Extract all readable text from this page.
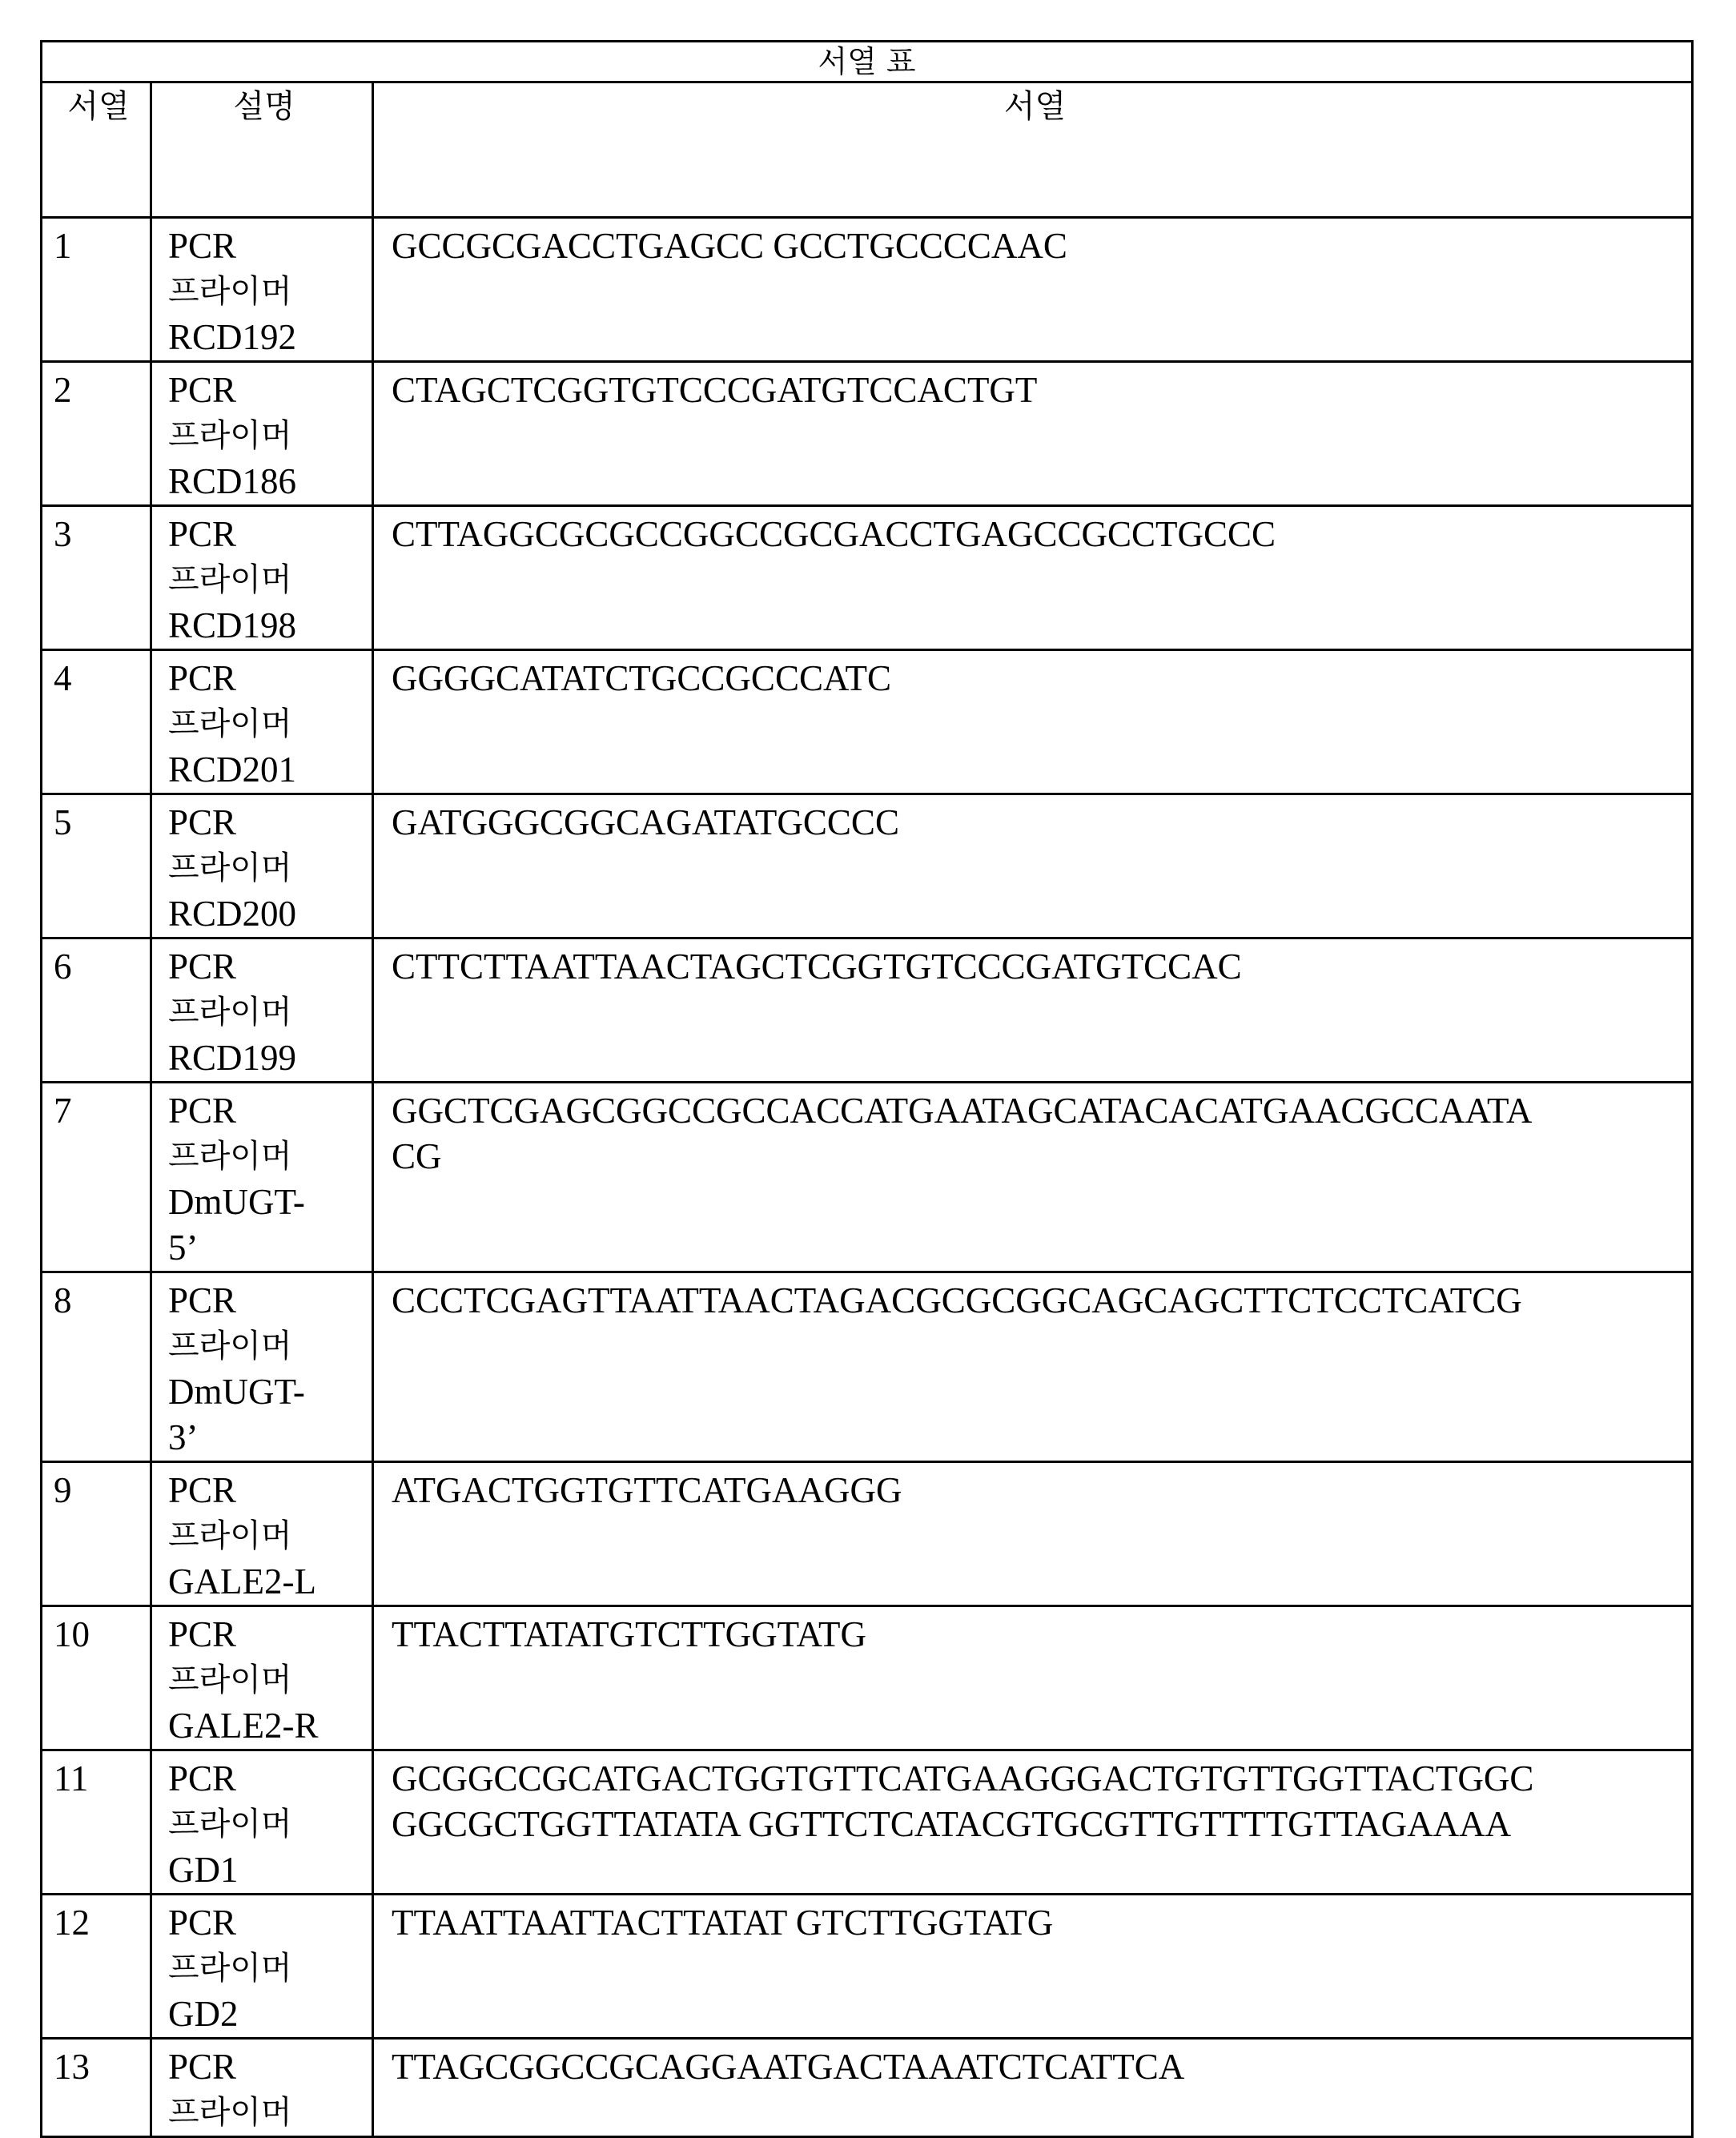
서열 표
서열	설명	서열
1	PCR
프라이머
RCD192

GCCGCGACCTGAGCC GCCTGCCCCAAC

2	PCR
프라이머
RCD186

CTAGCTCGGTGTCCCGATGTCCACTGT

3	PCR
프라이머
RCD198

CTTAGGCGCGCCGGCCGCGACCTGAGCCGCCTGCCC

4	PCR
프라이머
RCD201

GGGGCATATCTGCCGCCCATC

5	PCR
프라이머
RCD200

GATGGGCGGCAGATATGCCCC

6	PCR
프라이머
RCD199

CTTCTTAATTAACTAGCTCGGTGTCCCGATGTCCAC

7	PCR
프라이머
DmUGT-
5’

GGCTCGAGCGGCCGCCACCATGAATAGCATACACATGAACGCCAATA
CG

8	PCR
프라이머
DmUGT-
3’

CCCTCGAGTTAATTAACTAGACGCGCGGCAGCAGCTTCTCCTCATCG

9	PCR
프라이머
GALE2-L

ATGACTGGTGTTCATGAAGGG

10	PCR
프라이머
GALE2-R

TTACTTATATGTCTTGGTATG

11	PCR
프라이머
GD1

GCGGCCGCATGACTGGTGTTCATGAAGGGACTGTGTTGGTTACTGGC
GGCGCTGGTTATATA GGTTCTCATACGTGCGTTGTTTTGTTAGAAAA

12	PCR
프라이머
GD2

TTAATTAATTACTTATAT GTCTTGGTATG

13	PCR
프라이머

TTAGCGGCCGCAGGAATGACTAAATCTCATTCA
